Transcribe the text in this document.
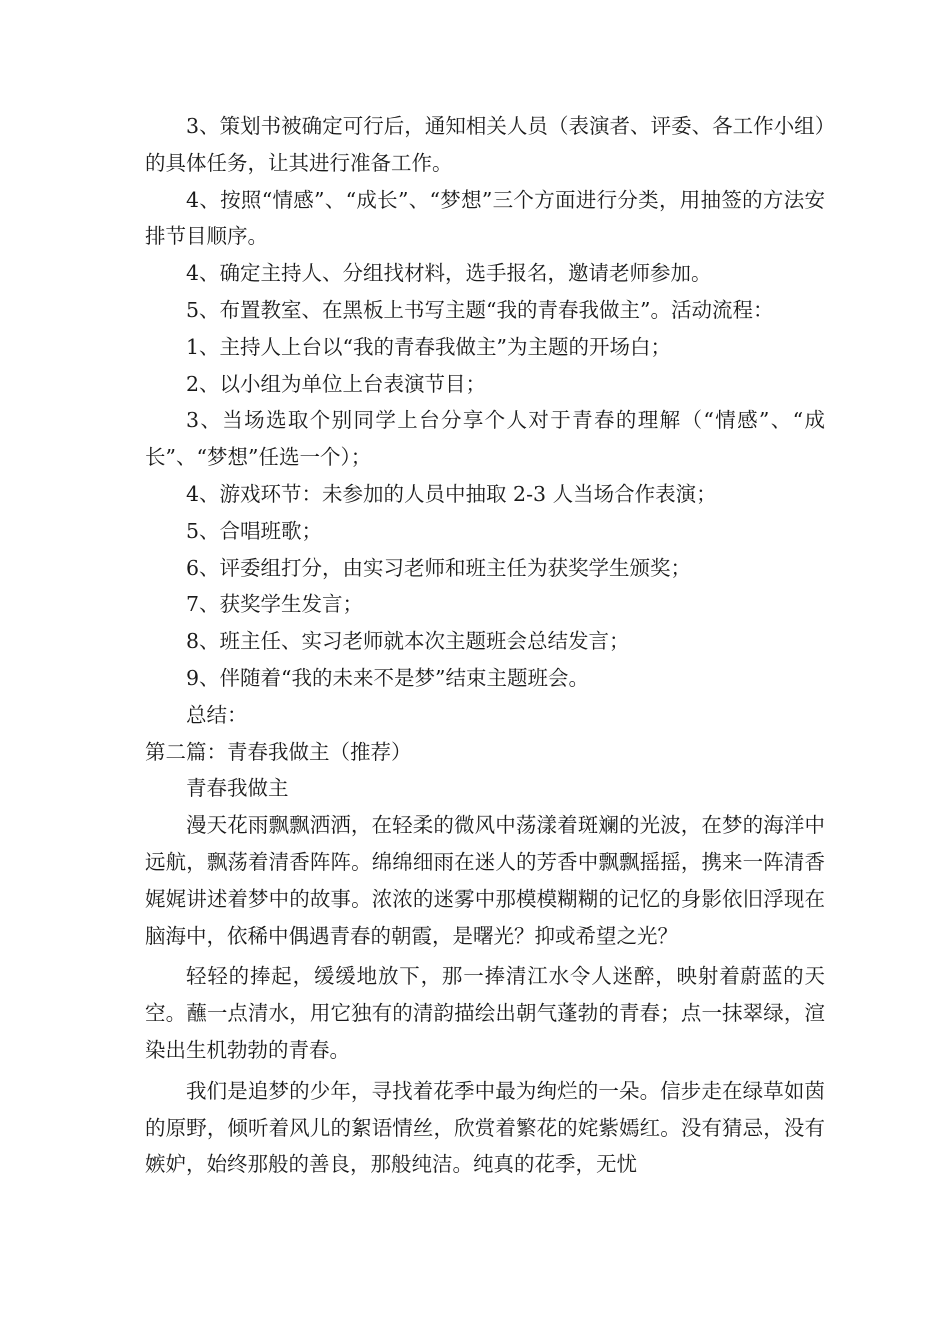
3、策划书被确定可行后，通知相关人员（表演者、评委、各工作小组）的具体任务，让其进行准备工作。

4、按照“情感”、“成长”、“梦想”三个方面进行分类，用抽签的方法安排节目顺序。

4、确定主持人、分组找材料，选手报名，邀请老师参加。

5、布置教室、在黑板上书写主题“我的青春我做主”。活动流程：

1、主持人上台以“我的青春我做主”为主题的开场白；

2、以小组为单位上台表演节目；

3、当场选取个别同学上台分享个人对于青春的理解（“情感”、“成长”、“梦想”任选一个）；

4、游戏环节：未参加的人员中抽取 2-3 人当场合作表演；

5、合唱班歌；

6、评委组打分，由实习老师和班主任为获奖学生颁奖；

7、获奖学生发言；

8、班主任、实习老师就本次主题班会总结发言；

9、伴随着“我的未来不是梦”结束主题班会。

总结：

第二篇：青春我做主（推荐）

青春我做主

漫天花雨飘飘洒洒，在轻柔的微风中荡漾着斑斓的光波，在梦的海洋中远航，飘荡着清香阵阵。绵绵细雨在迷人的芳香中飘飘摇摇，携来一阵清香娓娓讲述着梦中的故事。浓浓的迷雾中那模模糊糊的记忆的身影依旧浮现在脑海中，依稀中偶遇青春的朝霞，是曙光？抑或希望之光？

轻轻的捧起，缓缓地放下，那一捧清江水令人迷醉，映射着蔚蓝的天空。蘸一点清水，用它独有的清韵描绘出朝气蓬勃的青春；点一抹翠绿，渲染出生机勃勃的青春。

我们是追梦的少年，寻找着花季中最为绚烂的一朵。信步走在绿草如茵的原野，倾听着风儿的絮语情丝，欣赏着繁花的姹紫嫣红。没有猜忌，没有嫉妒，始终那般的善良，那般纯洁。纯真的花季，无忧
